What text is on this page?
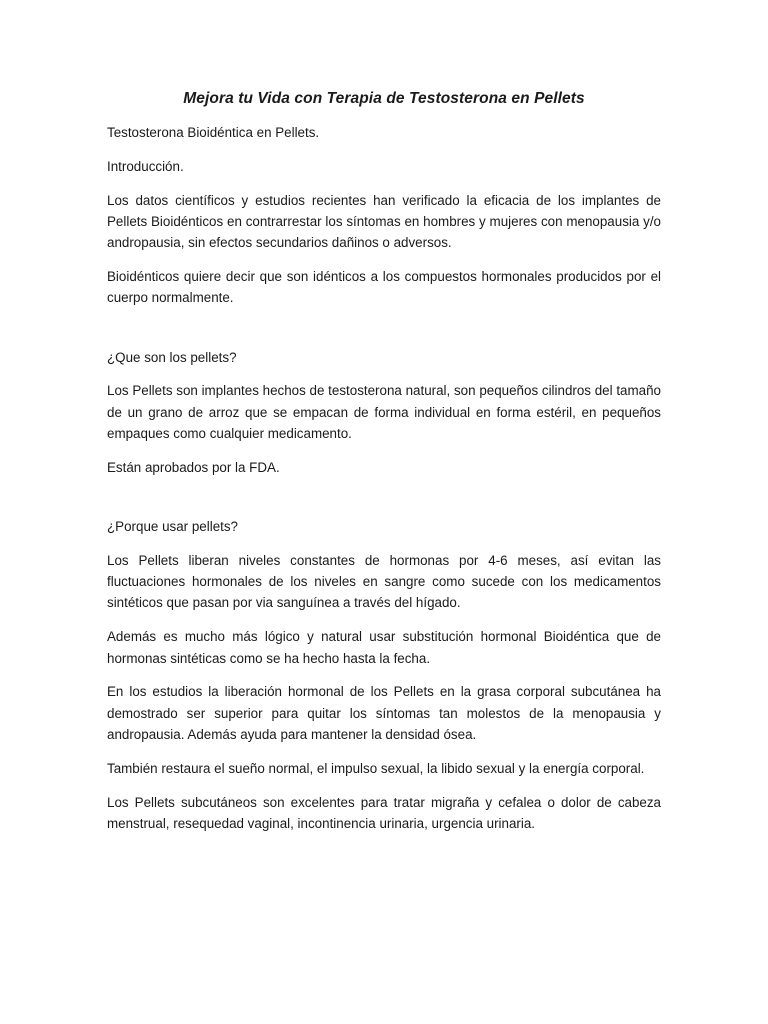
Mejora tu Vida con Terapia de Testosterona en Pellets

Testosterona Bioidéntica en Pellets.

Introducción.

Los datos científicos y estudios recientes han verificado la eficacia de los implantes de Pellets Bioidénticos en contrarrestar los síntomas en hombres y mujeres con menopausia y/o andropausia, sin efectos secundarios dañinos o adversos.

Bioidénticos quiere decir que son idénticos a los compuestos hormonales producidos por el cuerpo normalmente.

¿Que son los pellets?

Los Pellets son implantes hechos de testosterona natural, son pequeños cilindros del tamaño de un grano de arroz que se empacan de forma individual en forma estéril, en pequeños empaques como cualquier medicamento.

Están aprobados por la FDA.

¿Porque usar pellets?

Los Pellets liberan niveles constantes de hormonas por 4-6 meses, así evitan las fluctuaciones hormonales de los niveles en sangre como sucede con los medicamentos sintéticos que pasan por via sanguínea a través del hígado.

Además es mucho más lógico y natural usar substitución hormonal Bioidéntica que de hormonas sintéticas como se ha hecho hasta la fecha.

En los estudios la liberación hormonal de los Pellets en la grasa corporal subcutánea ha demostrado ser superior para quitar los síntomas tan molestos de la menopausia y andropausia. Además ayuda para mantener la densidad ósea.

También restaura el sueño normal, el impulso sexual, la libido sexual y la energía corporal.

Los Pellets subcutáneos son excelentes para tratar migraña y cefalea o dolor de cabeza menstrual, resequedad vaginal, incontinencia urinaria, urgencia urinaria.
